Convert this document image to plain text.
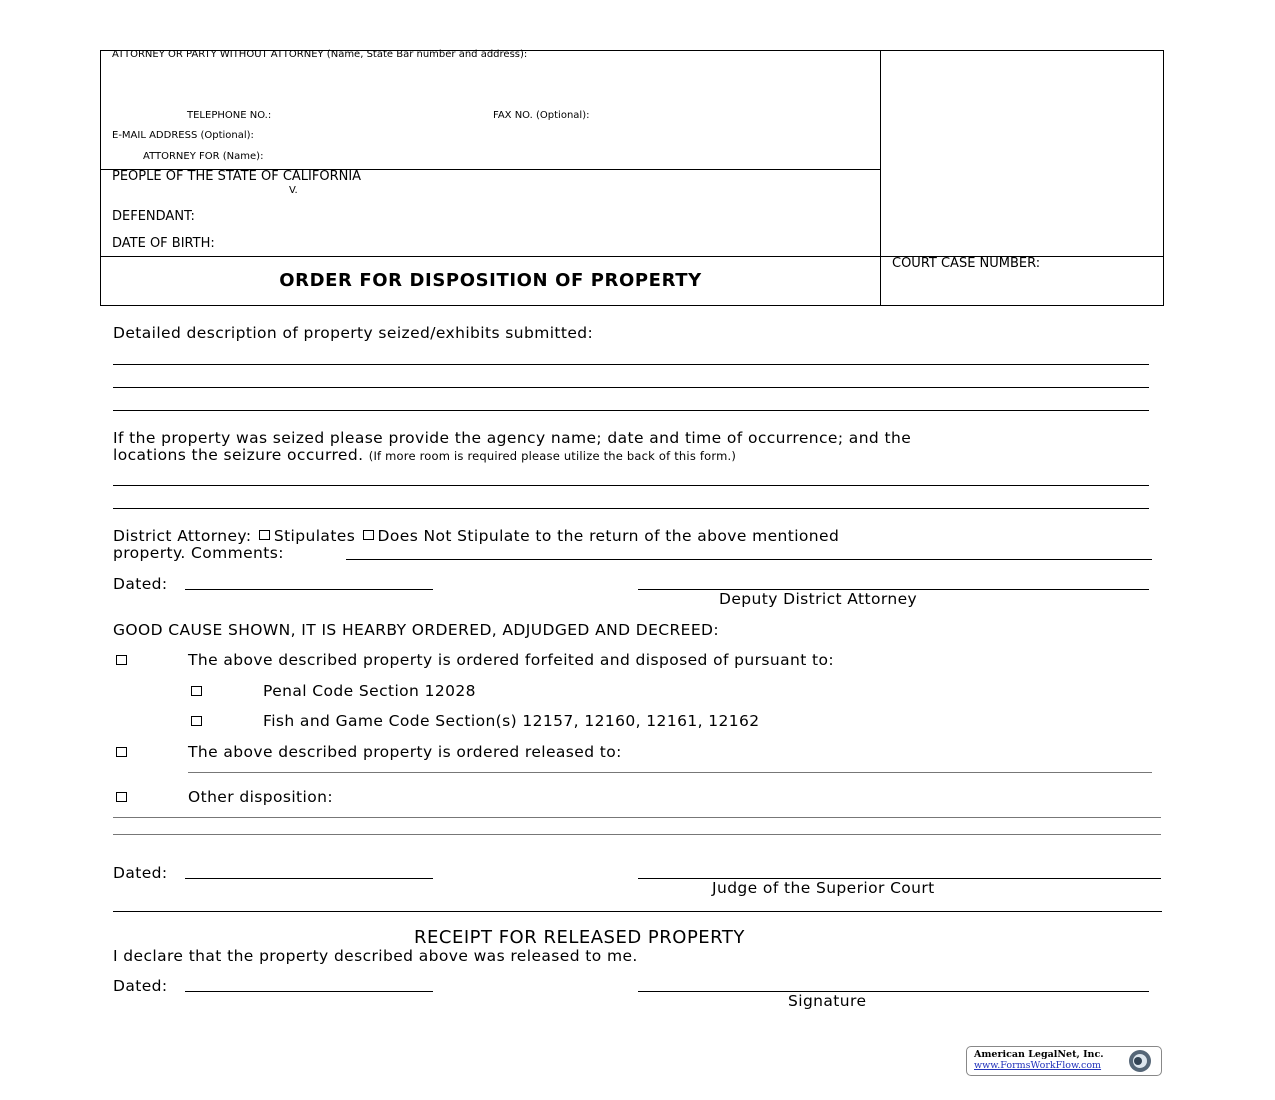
ATTORNEY OR PARTY WITHOUT ATTORNEY (Name, State Bar number and address):
TELEPHONE NO.:	FAX NO. (Optional):
E-MAIL ADDRESS (Optional):
ATTORNEY FOR (Name):
PEOPLE OF THE STATE OF CALIFORNIA
V.
DEFENDANT:
DATE OF BIRTH:
ORDER FOR DISPOSITION OF PROPERTY
COURT CASE NUMBER:
Detailed description of property seized/exhibits submitted:
If the property was seized please provide the agency name; date and time of occurrence; and the
locations the seizure occurred. (If more room is required please utilize the back of this form.)
District Attorney: Stipulates Does Not Stipulate to the return of the above mentioned
property. Comments:
Dated:
Deputy District Attorney
GOOD CAUSE SHOWN, IT IS HEARBY ORDERED, ADJUDGED AND DECREED:
The above described property is ordered forfeited and disposed of pursuant to:
Penal Code Section 12028
Fish and Game Code Section(s) 12157, 12160, 12161, 12162
The above described property is ordered released to:
Other disposition:
Dated:
Judge of the Superior Court
RECEIPT FOR RELEASED PROPERTY
I declare that the property described above was released to me.
Dated:
Signature
American LegalNet, Inc.
www.FormsWorkFlow.com
